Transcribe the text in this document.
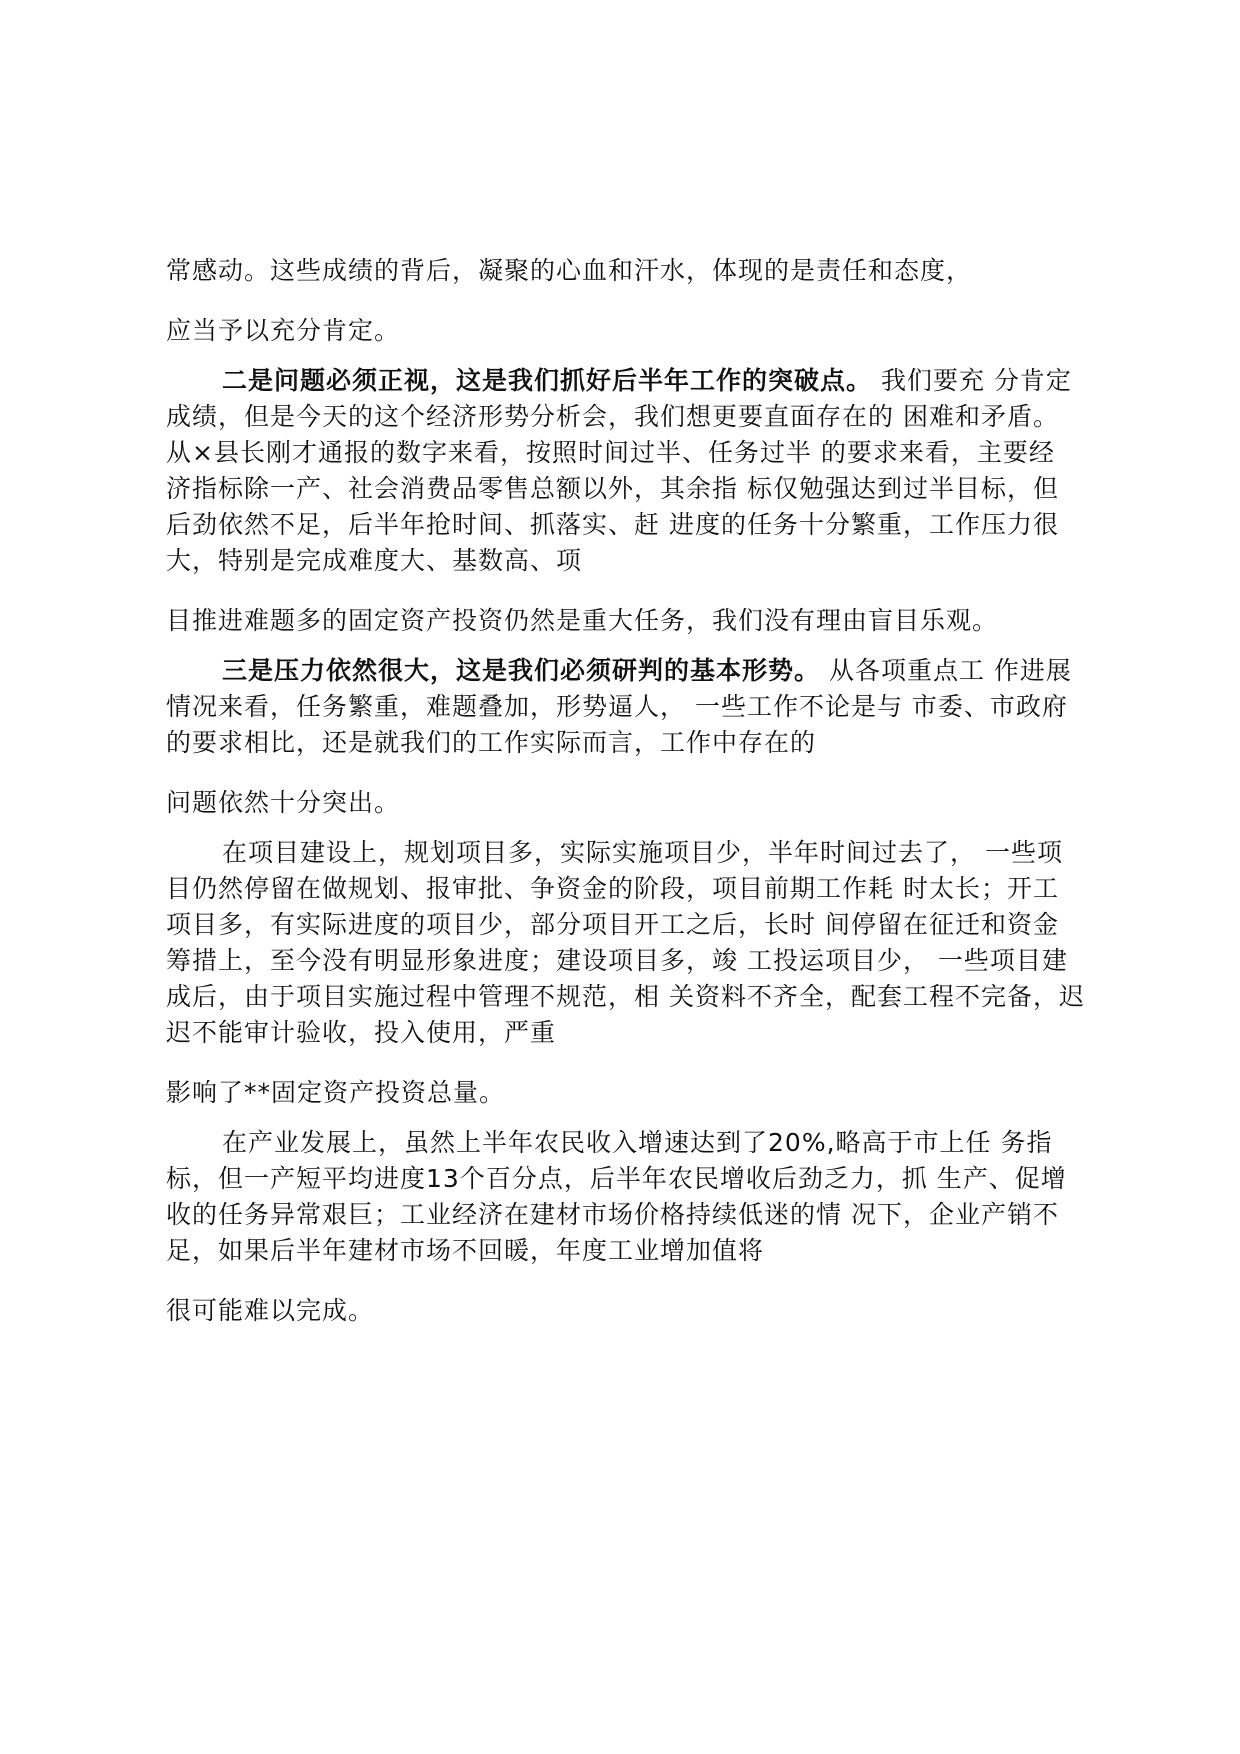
常感动。这些成绩的背后，凝聚的心血和汗水，体现的是责任和态度，
应当予以充分肯定。
二是问题必须正视，这是我们抓好后半年工作的突破点。 我们要充 分肯定
成绩，但是今天的这个经济形势分析会，我们想更要直面存在的 困难和矛盾。
从×县长刚才通报的数字来看，按照时间过半、任务过半 的要求来看，主要经
济指标除一产、社会消费品零售总额以外，其余指 标仅勉强达到过半目标，但
后劲依然不足，后半年抢时间、抓落实、赶 进度的任务十分繁重，工作压力很
大，特别是完成难度大、基数高、项
目推进难题多的固定资产投资仍然是重大任务，我们没有理由盲目乐观。
三是压力依然很大，这是我们必须研判的基本形势。 从各项重点工 作进展
情况来看，任务繁重，难题叠加，形势逼人， 一些工作不论是与 市委、市政府
的要求相比，还是就我们的工作实际而言，工作中存在的
问题依然十分突出。
在项目建设上，规划项目多，实际实施项目少，半年时间过去了， 一些项
目仍然停留在做规划、报审批、争资金的阶段，项目前期工作耗 时太长；开工
项目多，有实际进度的项目少，部分项目开工之后，长时 间停留在征迁和资金
筹措上，至今没有明显形象进度；建设项目多，竣 工投运项目少， 一些项目建
成后，由于项目实施过程中管理不规范，相 关资料不齐全，配套工程不完备，迟
迟不能审计验收，投入使用，严重
影响了**固定资产投资总量。
在产业发展上，虽然上半年农民收入增速达到了20%,略高于市上任 务指
标，但一产短平均进度13个百分点，后半年农民增收后劲乏力，抓 生产、促增
收的任务异常艰巨；工业经济在建材市场价格持续低迷的情 况下，企业产销不
足，如果后半年建材市场不回暖，年度工业增加值将
很可能难以完成。
